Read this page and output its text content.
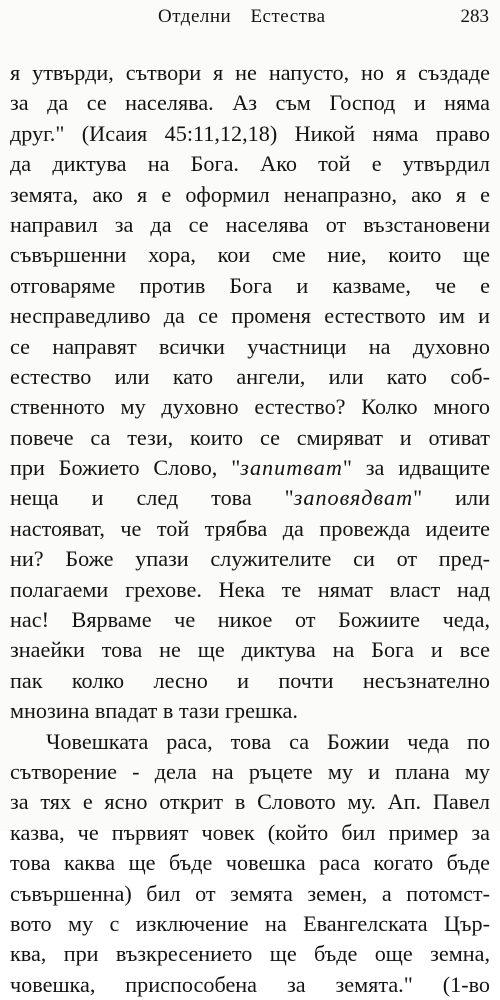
Отделни Естества	283
я утвърди, сътвори я не напусто, но я създаде
за да се населява. Аз съм Господ и няма
друг." (Исаия 45:11,12,18) Никой няма право
да диктува на Бога. Ако той е утвърдил
земята, ако я е оформил ненапразно, ако я е
направил за да се населява от възстановени
съвършенни хора, кои сме ние, които ще
отговаряме против Бога и казваме, че е
несправедливо да се променя естеството им и
се направят всички участници на духовно
естество или като ангели, или като соб-
ственното му духовно естество? Колко много
повече са тези, които се смиряват и отиват
при Божието Слово, "запитват" за идващите
неща и след това "заповядват" или
настояват, че той трябва да провежда идеите
ни? Боже упази служителите си от пред-
полагаеми грехове. Нека те нямат власт над
нас! Вярваме че никое от Божиите чеда,
знаейки това не ще диктува на Бога и все
пак колко лесно и почти несъзнателно
мнозина впадат в тази грешка.
Човешката раса, това са Божии чеда по
сътворение - дела на ръцете му и плана му
за тях е ясно открит в Словото му. Ап. Павел
казва, че първият човек (който бил пример за
това каква ще бъде човешка раса когато бъде
съвършенна) бил от земята земен, а потомст-
вото му с изключение на Евангелската Цър-
ква, при възкресението ще бъде още земна,
човешка, приспособена за земята." (1-во
